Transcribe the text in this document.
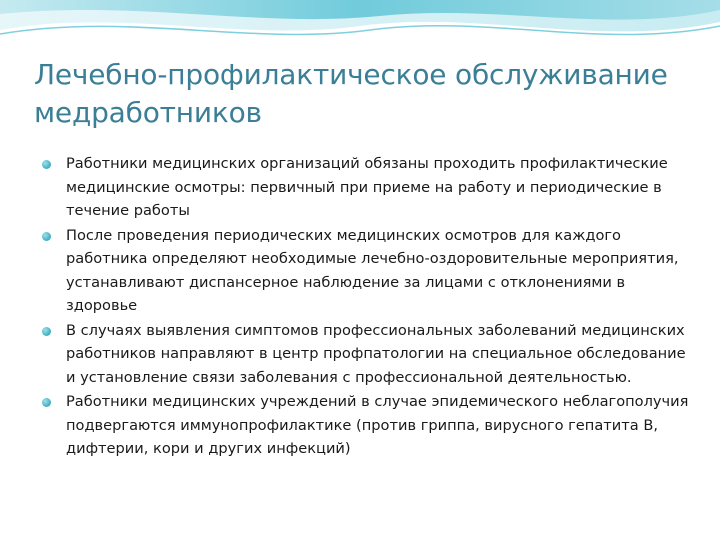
Лечебно-профилактическое обслуживание медработников
Работники медицинских организаций обязаны проходить профилактические медицинские осмотры: первичный при приеме на работу и периодические в течение работы
После проведения периодических медицинских осмотров для каждого работника определяют необходимые лечебно-оздоровительные мероприятия, устанавливают диспансерное наблюдение за лицами с отклонениями в здоровье
В случаях выявления симптомов профессиональных заболеваний медицинских работников направляют в центр профпатологии на специальное обследование и установление связи заболевания с профессиональной деятельностью.
Работники медицинских учреждений в случае эпидемического неблагополучия подвергаются иммунопрофилактике (против гриппа, вирусного гепатита В, дифтерии, кори и других инфекций)
